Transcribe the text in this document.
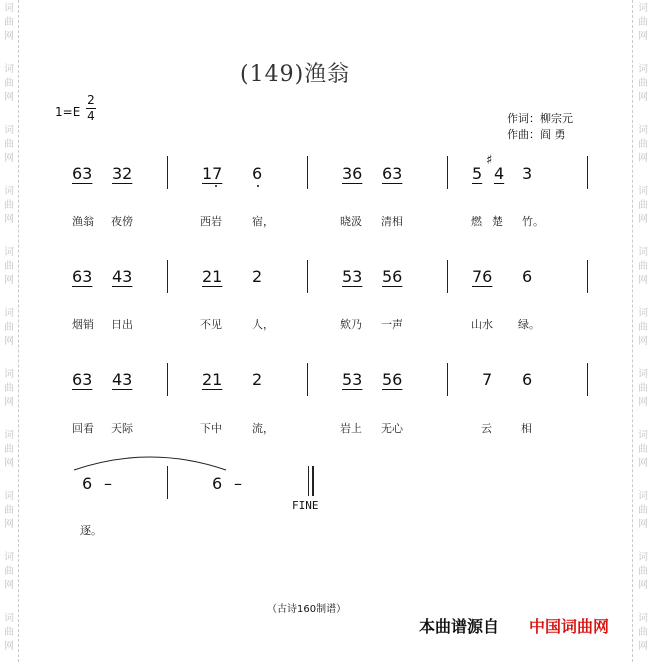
词
曲
网
词
曲
网
词
曲
网
词
曲
网
词
曲
网
词
曲
网
词
曲
网
词
曲
网
词
曲
网
词
曲
网
词
曲
网
词
曲
网
词
曲
网
词
曲
网
词
曲
网
词
曲
网
词
曲
网
词
曲
网
词
曲
网
词
曲
网
词
曲
网
词
曲
网
(149)渔翁
1=E
2
4	作词：柳宗元
作曲：阎 勇
63 32	17 6	36 63	5
♯
4 3
渔翁 夜傍	西岩	宿，	晓汲 清相	燃 楚 竹。
63 43	21 2	53 56	76 6
烟销 日出	不见	人，	欸乃 一声	山水 绿。
63 43	21 2	53 56	7 6
回看 天际	下中	流，	岩上 无心	云	相
6 –	6 –
FINE
逐。
（古诗160制谱）
本曲谱源自 中国词曲网
